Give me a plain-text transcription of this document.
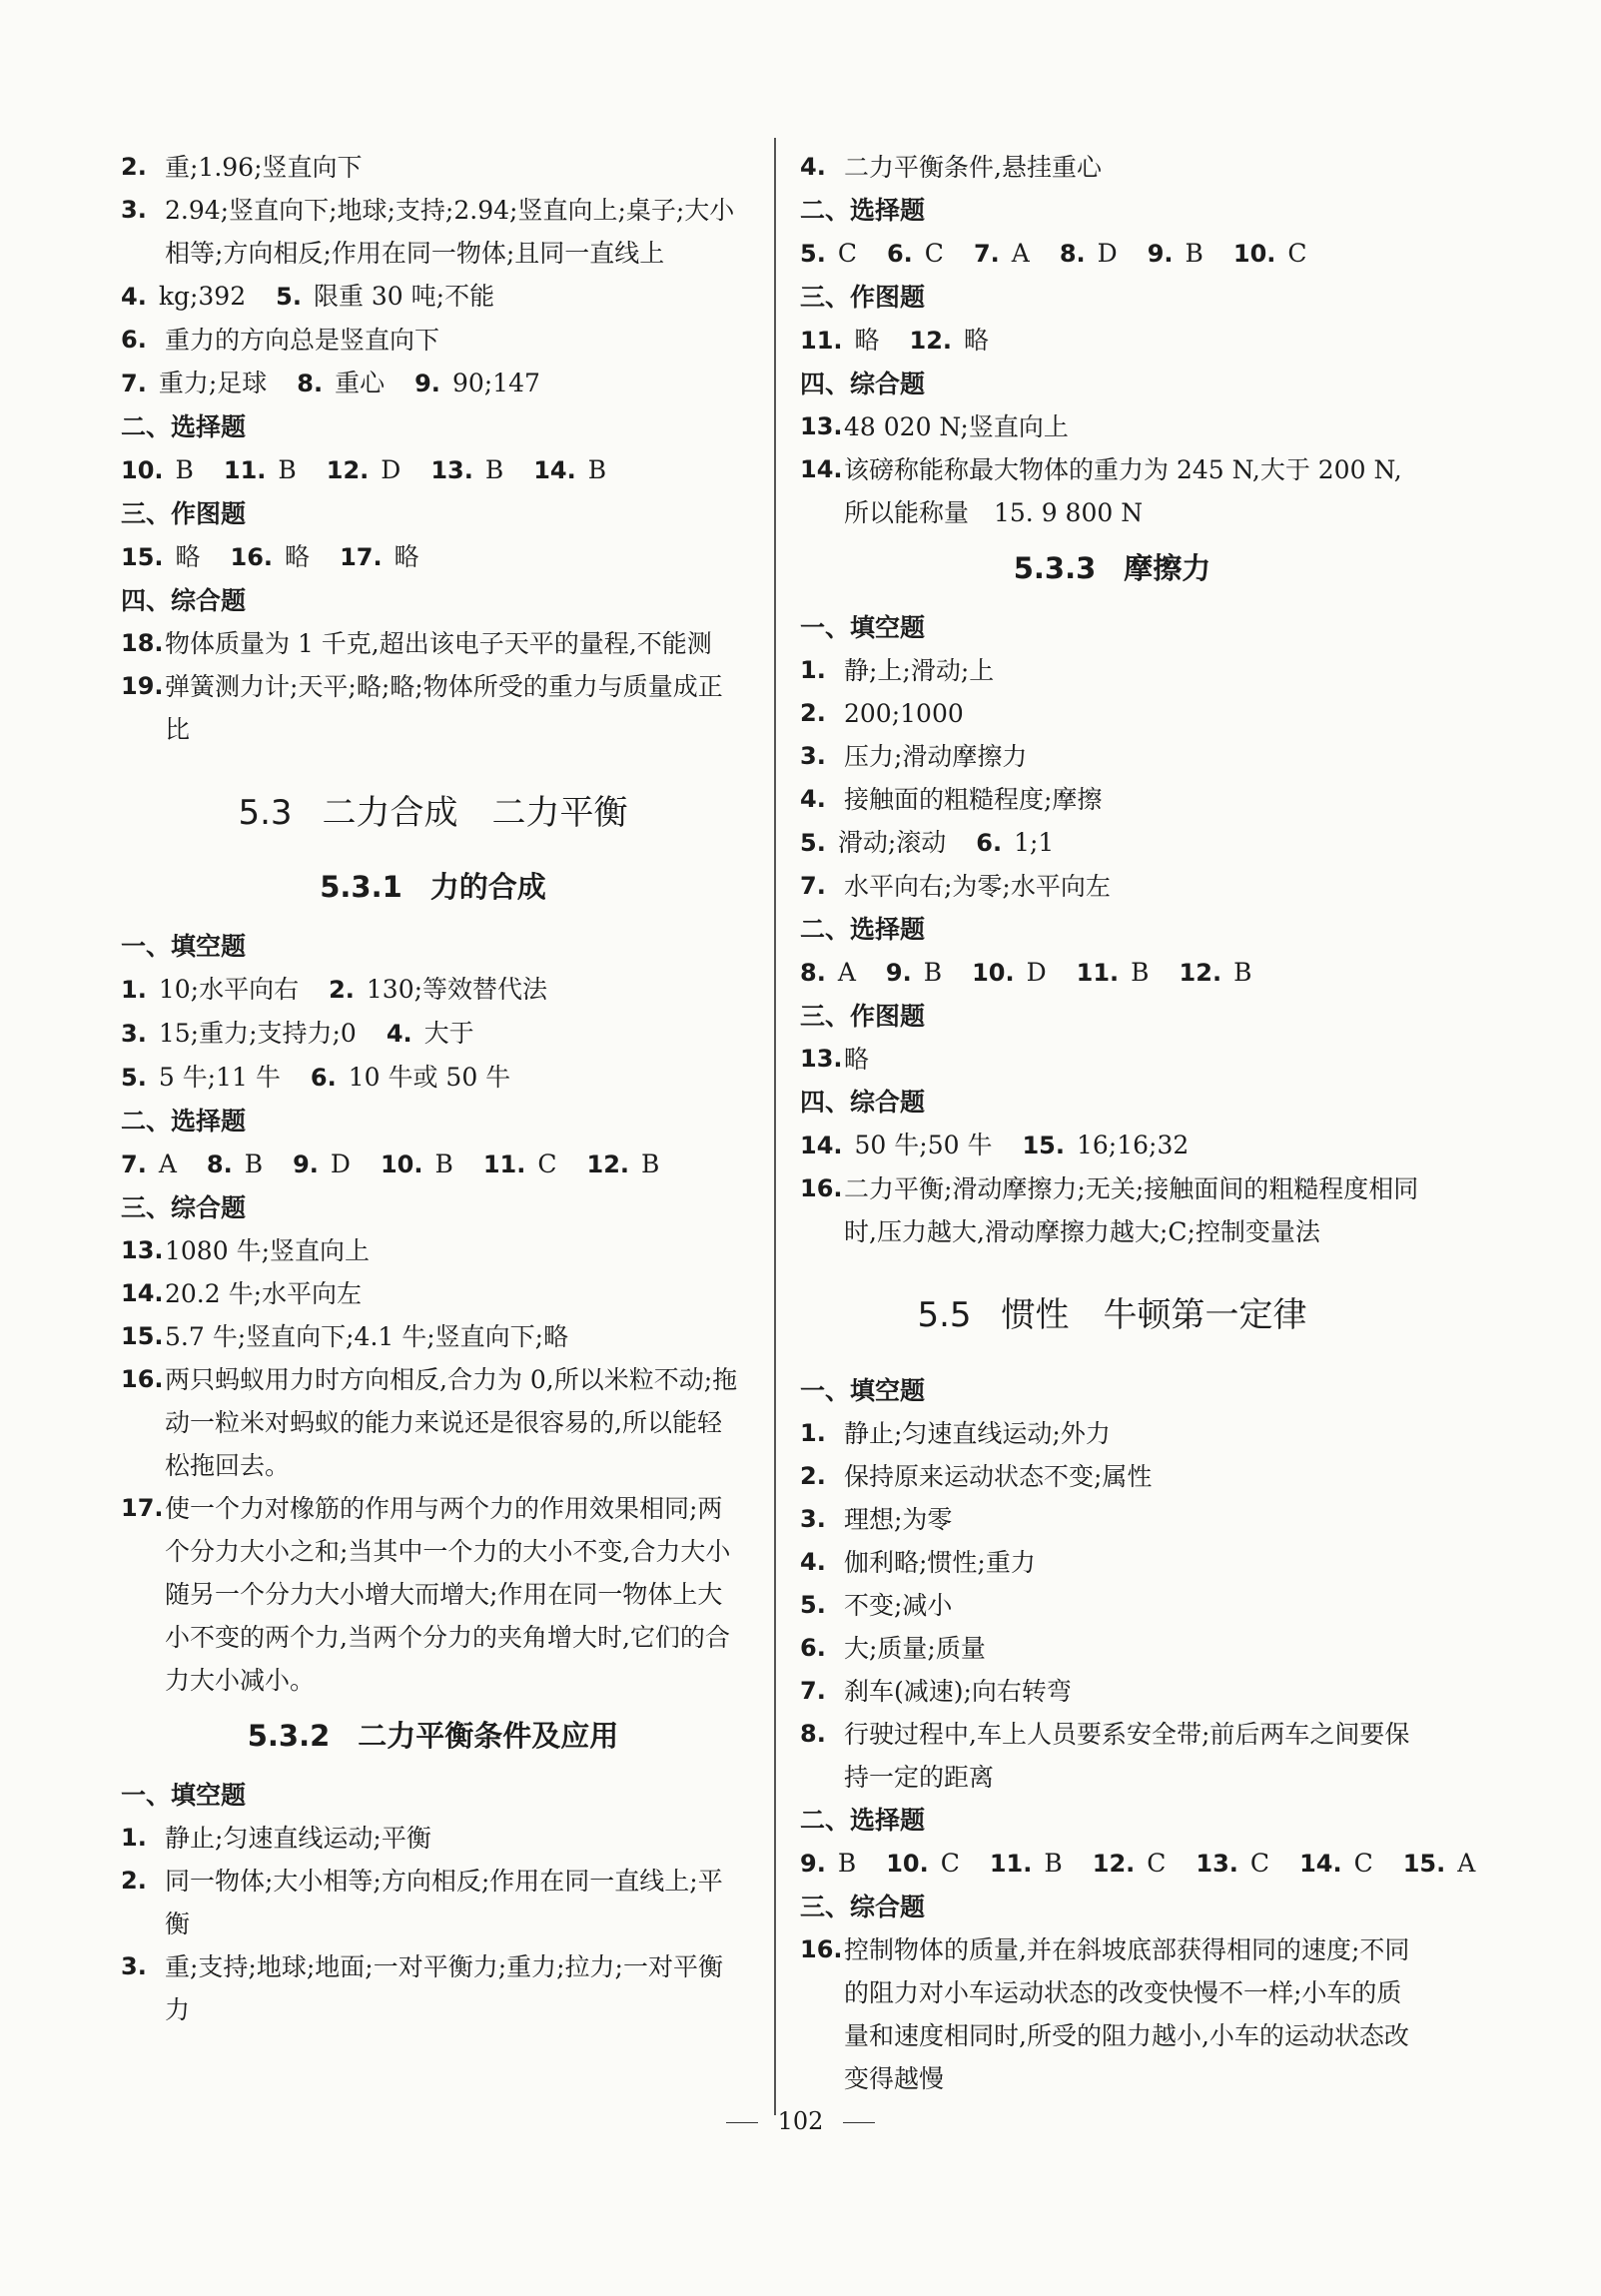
2. 重;1.96;竖直向下
3. 2.94;竖直向下;地球;支持;2.94;竖直向上;桌子;大小相等;方向相反;作用在同一物体;且同一直线上
4. kg;392 5. 限重 30 吨;不能
6. 重力的方向总是竖直向下
7. 重力;足球 8. 重心 9. 90;147
二、选择题
10. B 11. B 12. D 13. B 14. B
三、作图题
15. 略 16. 略 17. 略
四、综合题
18. 物体质量为 1 千克,超出该电子天平的量程,不能测
19. 弹簧测力计;天平;略;略;物体所受的重力与质量成正比
5.3 二力合成　二力平衡
5.3.1 力的合成
一、填空题
1. 10;水平向右 2. 130;等效替代法
3. 15;重力;支持力;0 4. 大于
5. 5 牛;11 牛 6. 10 牛或 50 牛
二、选择题
7. A 8. B 9. D 10. B 11. C 12. B
三、综合题
13. 1080 牛;竖直向上
14. 20.2 牛;水平向左
15. 5.7 牛;竖直向下;4.1 牛;竖直向下;略
16. 两只蚂蚁用力时方向相反,合力为 0,所以米粒不动;拖动一粒米对蚂蚁的能力来说还是很容易的,所以能轻松拖回去。
17. 使一个力对橡筋的作用与两个力的作用效果相同;两个分力大小之和;当其中一个力的大小不变,合力大小随另一个分力大小增大而增大;作用在同一物体上大小不变的两个力,当两个分力的夹角增大时,它们的合力大小减小。
5.3.2 二力平衡条件及应用
一、填空题
1. 静止;匀速直线运动;平衡
2. 同一物体;大小相等;方向相反;作用在同一直线上;平衡
3. 重;支持;地球;地面;一对平衡力;重力;拉力;一对平衡力
4. 二力平衡条件,悬挂重心
二、选择题
5. C 6. C 7. A 8. D 9. B 10. C
三、作图题
11. 略 12. 略
四、综合题
13. 48 020 N;竖直向上
14. 该磅称能称最大物体的重力为 245 N,大于 200 N,所以能称量　15. 9 800 N
5.3.3 摩擦力
一、填空题
1. 静;上;滑动;上
2. 200;1000
3. 压力;滑动摩擦力
4. 接触面的粗糙程度;摩擦
5. 滑动;滚动 6. 1;1
7. 水平向右;为零;水平向左
二、选择题
8. A 9. B 10. D 11. B 12. B
三、作图题
13. 略
四、综合题
14. 50 牛;50 牛 15. 16;16;32
16. 二力平衡;滑动摩擦力;无关;接触面间的粗糙程度相同时,压力越大,滑动摩擦力越大;C;控制变量法
5.5 惯性　牛顿第一定律
一、填空题
1. 静止;匀速直线运动;外力
2. 保持原来运动状态不变;属性
3. 理想;为零
4. 伽利略;惯性;重力
5. 不变;减小
6. 大;质量;质量
7. 刹车(减速);向右转弯
8. 行驶过程中,车上人员要系安全带;前后两车之间要保持一定的距离
二、选择题
9. B 10. C 11. B 12. C 13. C 14. C 15. A
三、综合题
16. 控制物体的质量,并在斜坡底部获得相同的速度;不同的阻力对小车运动状态的改变快慢不一样;小车的质量和速度相同时,所受的阻力越小,小车的运动状态改变得越慢
102
